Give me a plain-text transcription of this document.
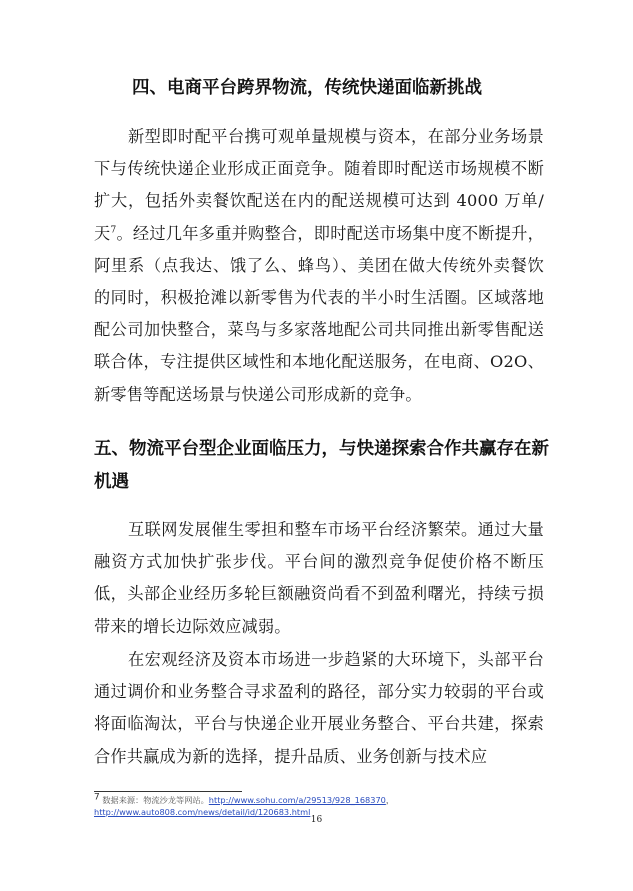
四、电商平台跨界物流，传统快递面临新挑战

新型即时配平台携可观单量规模与资本，在部分业务场景下与传统快递企业形成正面竞争。随着即时配送市场规模不断扩大，包括外卖餐饮配送在内的配送规模可达到 4000 万单/天$^7$。经过几年多重并购整合，即时配送市场集中度不断提升，阿里系（点我达、饿了么、蜂鸟）、美团在做大传统外卖餐饮的同时，积极抢滩以新零售为代表的半小时生活圈。区域落地配公司加快整合，菜鸟与多家落地配公司共同推出新零售配送联合体，专注提供区域性和本地化配送服务，在电商、O2O、新零售等配送场景与快递公司形成新的竞争。

五、物流平台型企业面临压力，与快递探索合作共赢存在新机遇

互联网发展催生零担和整车市场平台经济繁荣。通过大量融资方式加快扩张步伐。平台间的激烈竞争促使价格不断压低，头部企业经历多轮巨额融资尚看不到盈利曙光，持续亏损带来的增长边际效应减弱。

在宏观经济及资本市场进一步趋紧的大环境下，头部平台通过调价和业务整合寻求盈利的路径，部分实力较弱的平台或将面临淘汰，平台与快递企业开展业务整合、平台共建，探索合作共赢成为新的选择，提升品质、业务创新与技术应

$^7$ 数据来源：物流沙龙等网站。http://www.sohu.com/a/29513/928_168370，
http://www.auto808.com/news/detail/id/120683.html
16
